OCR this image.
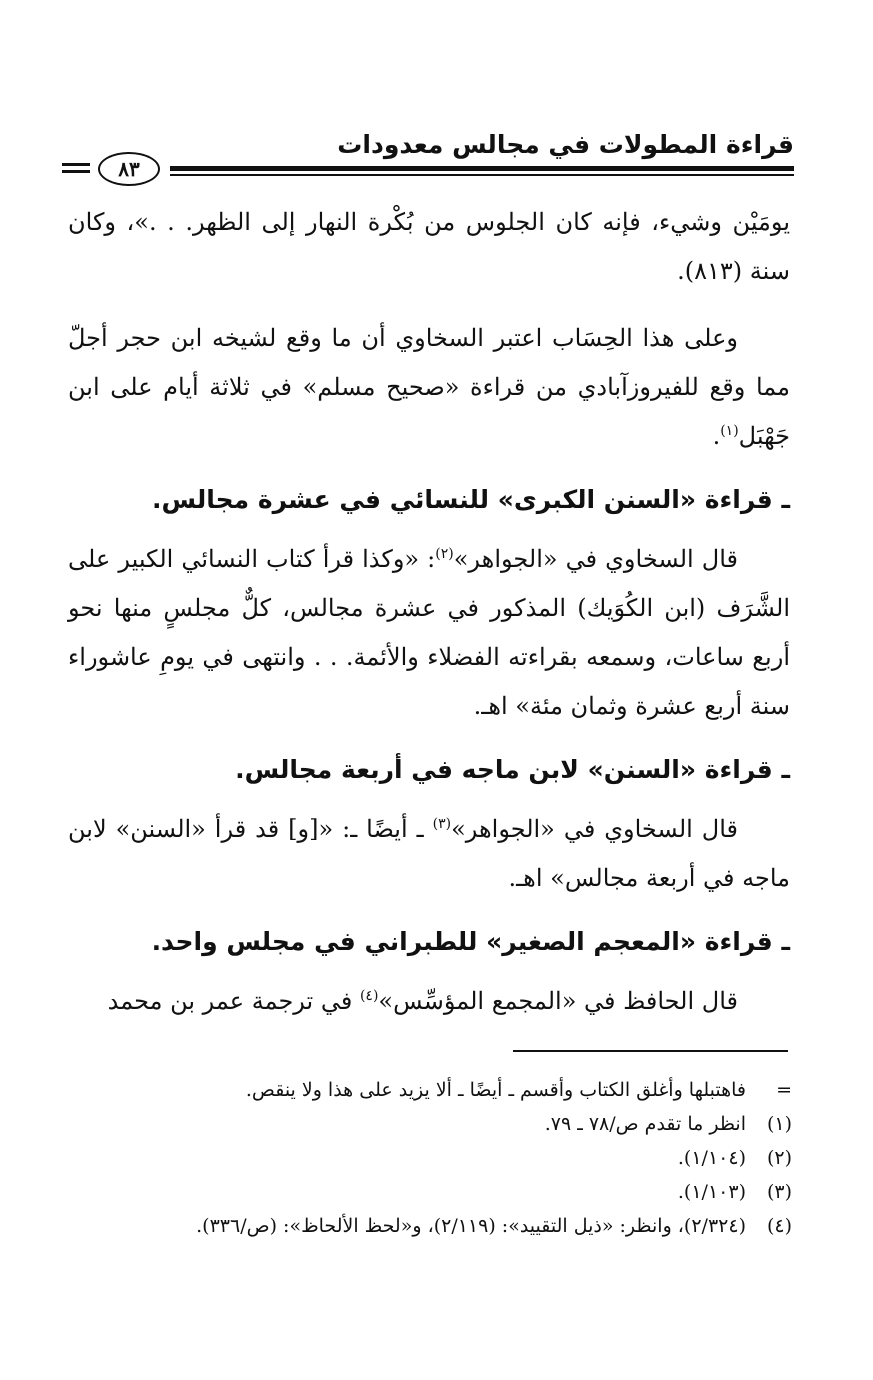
قراءة المطولات في مجالس معدودات
٨٣

يومَيْن وشيء، فإنه كان الجلوس من بُكْرة النهار إلى الظهر. . .»، وكان سنة (٨١٣).

وعلى هذا الحِسَاب اعتبر السخاوي أن ما وقع لشيخه ابن حجر أجلّ مما وقع للفيروزآبادي من قراءة «صحيح مسلم» في ثلاثة أيام على ابن جَهْبَل$^{(١)}$.

ـ قراءة «السنن الكبرى» للنسائي في عشرة مجالس.

قال السخاوي في «الجواهر»$^{(٢)}$: «وكذا قرأ كتاب النسائي الكبير على الشَّرَف (ابن الكُوَيك) المذكور في عشرة مجالس، كلٌّ مجلسٍ منها نحو أربع ساعات، وسمعه بقراءته الفضلاء والأئمة. . . وانتهى في يومِ عاشوراء سنة أربع عشرة وثمان مئة» اهـ.

ـ قراءة «السنن» لابن ماجه في أربعة مجالس.

قال السخاوي في «الجواهر»$^{(٣)}$ ـ أيضًا ـ: «[و] قد قرأ «السنن» لابن ماجه في أربعة مجالس» اهـ.

ـ قراءة «المعجم الصغير» للطبراني في مجلس واحد.

قال الحافظ في «المجمع المؤسِّس»$^{(٤)}$ في ترجمة عمر بن محمد

=فاهتبلها وأغلق الكتاب وأقسم ـ أيضًا ـ ألا يزيد على هذا ولا ينقص.

(١)انظر ما تقدم ص/٧٨ ـ ٧٩.

(٢)(١/١٠٤).

(٣)(١/١٠٣).

(٤)(٢/٣٢٤)، وانظر: «ذيل التقييد»: (٢/١١٩)، و«لحظ الألحاظ»: (ص/٣٣٦).
